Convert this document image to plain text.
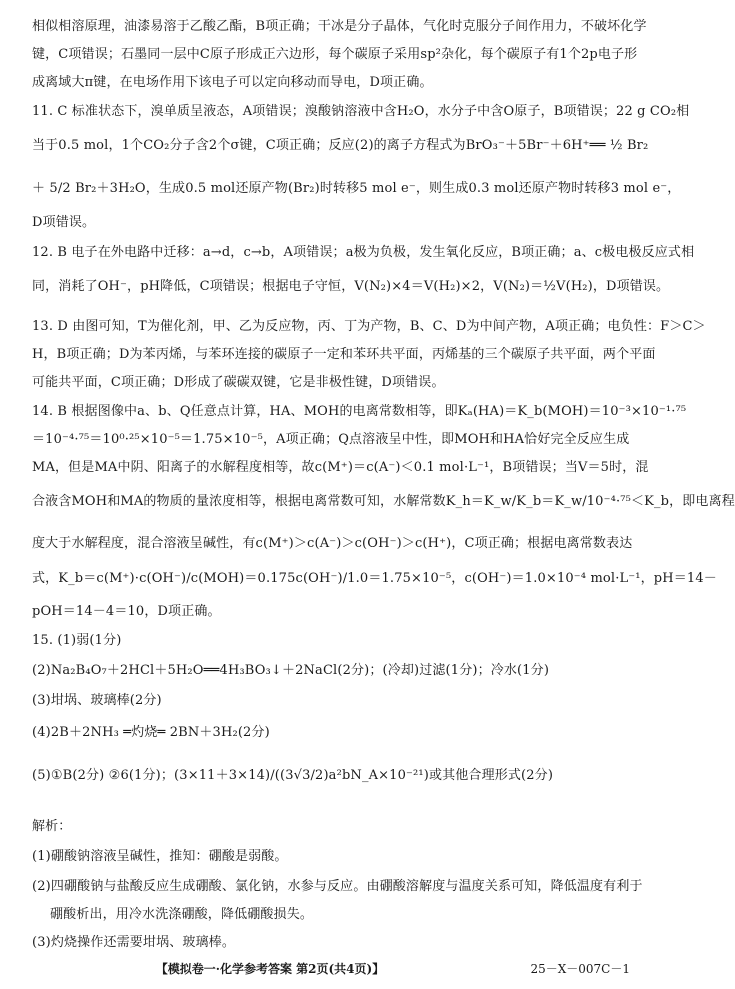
相似相溶原理，油漆易溶于乙酸乙酯，B项正确；干冰是分子晶体，气化时克服分子间作用力，不破坏化学
键，C项错误；石墨同一层中C原子形成正六边形，每个碳原子采用sp²杂化，每个碳原子有1个2p电子形
成离域大π键，在电场作用下该电子可以定向移动而导电，D项正确。
11. C 标准状态下，溴单质呈液态，A项错误；溴酸钠溶液中含H₂O，水分子中含O原子，B项错误；22 g CO₂相
当于0.5 mol，1个CO₂分子含2个σ键，C项正确；反应(2)的离子方程式为BrO₃⁻＋5Br⁻＋6H⁺══ ½ Br₂
＋ 5/2 Br₂＋3H₂O，生成0.5 mol还原产物(Br₂)时转移5 mol e⁻，则生成0.3 mol还原产物时转移3 mol e⁻，
D项错误。
12. B 电子在外电路中迁移：a→d，c→b，A项错误；a极为负极，发生氧化反应，B项正确；a、c极电极反应式相
同，消耗了OH⁻，pH降低，C项错误；根据电子守恒，V(N₂)×4＝V(H₂)×2，V(N₂)＝½V(H₂)，D项错误。
13. D 由图可知，T为催化剂，甲、乙为反应物，丙、丁为产物，B、C、D为中间产物，A项正确；电负性：F＞C＞
H，B项正确；D为苯丙烯，与苯环连接的碳原子一定和苯环共平面，丙烯基的三个碳原子共平面，两个平面
可能共平面，C项正确；D形成了碳碳双键，它是非极性键，D项错误。
14. B 根据图像中a、b、Q任意点计算，HA、MOH的电离常数相等，即Kₐ(HA)＝K_b(MOH)＝10⁻³×10⁻¹·⁷⁵
＝10⁻⁴·⁷⁵＝10⁰·²⁵×10⁻⁵＝1.75×10⁻⁵，A项正确；Q点溶液呈中性，即MOH和HA恰好完全反应生成
MA，但是MA中阴、阳离子的水解程度相等，故c(M⁺)＝c(A⁻)＜0.1 mol·L⁻¹，B项错误；当V＝5时，混
合液含MOH和MA的物质的量浓度相等，根据电离常数可知，水解常数K_h＝K_w/K_b＝K_w/10⁻⁴·⁷⁵＜K_b，即电离程
度大于水解程度，混合溶液呈碱性，有c(M⁺)＞c(A⁻)＞c(OH⁻)＞c(H⁺)，C项正确；根据电离常数表达
式，K_b＝c(M⁺)·c(OH⁻)/c(MOH)＝0.175c(OH⁻)/1.0＝1.75×10⁻⁵，c(OH⁻)＝1.0×10⁻⁴ mol·L⁻¹，pH＝14－
pOH＝14－4＝10，D项正确。
15. (1)弱(1分)
(2)Na₂B₄O₇＋2HCl＋5H₂O══4H₃BO₃↓＋2NaCl(2分)；(冷却)过滤(1分)；冷水(1分)
(3)坩埚、玻璃棒(2分)
(4)2B＋2NH₃ ═灼烧═ 2BN＋3H₂(2分)
(5)①B(2分) ②6(1分)；(3×11＋3×14)/((3√3/2)a²bN_A×10⁻²¹)或其他合理形式(2分)
解析：
(1)硼酸钠溶液呈碱性，推知：硼酸是弱酸。
(2)四硼酸钠与盐酸反应生成硼酸、氯化钠，水参与反应。由硼酸溶解度与温度关系可知，降低温度有利于
硼酸析出，用冷水洗涤硼酸，降低硼酸损失。
(3)灼烧操作还需要坩埚、玻璃棒。
【模拟卷一·化学参考答案 第2页(共4页)】	25－X－007C－1
